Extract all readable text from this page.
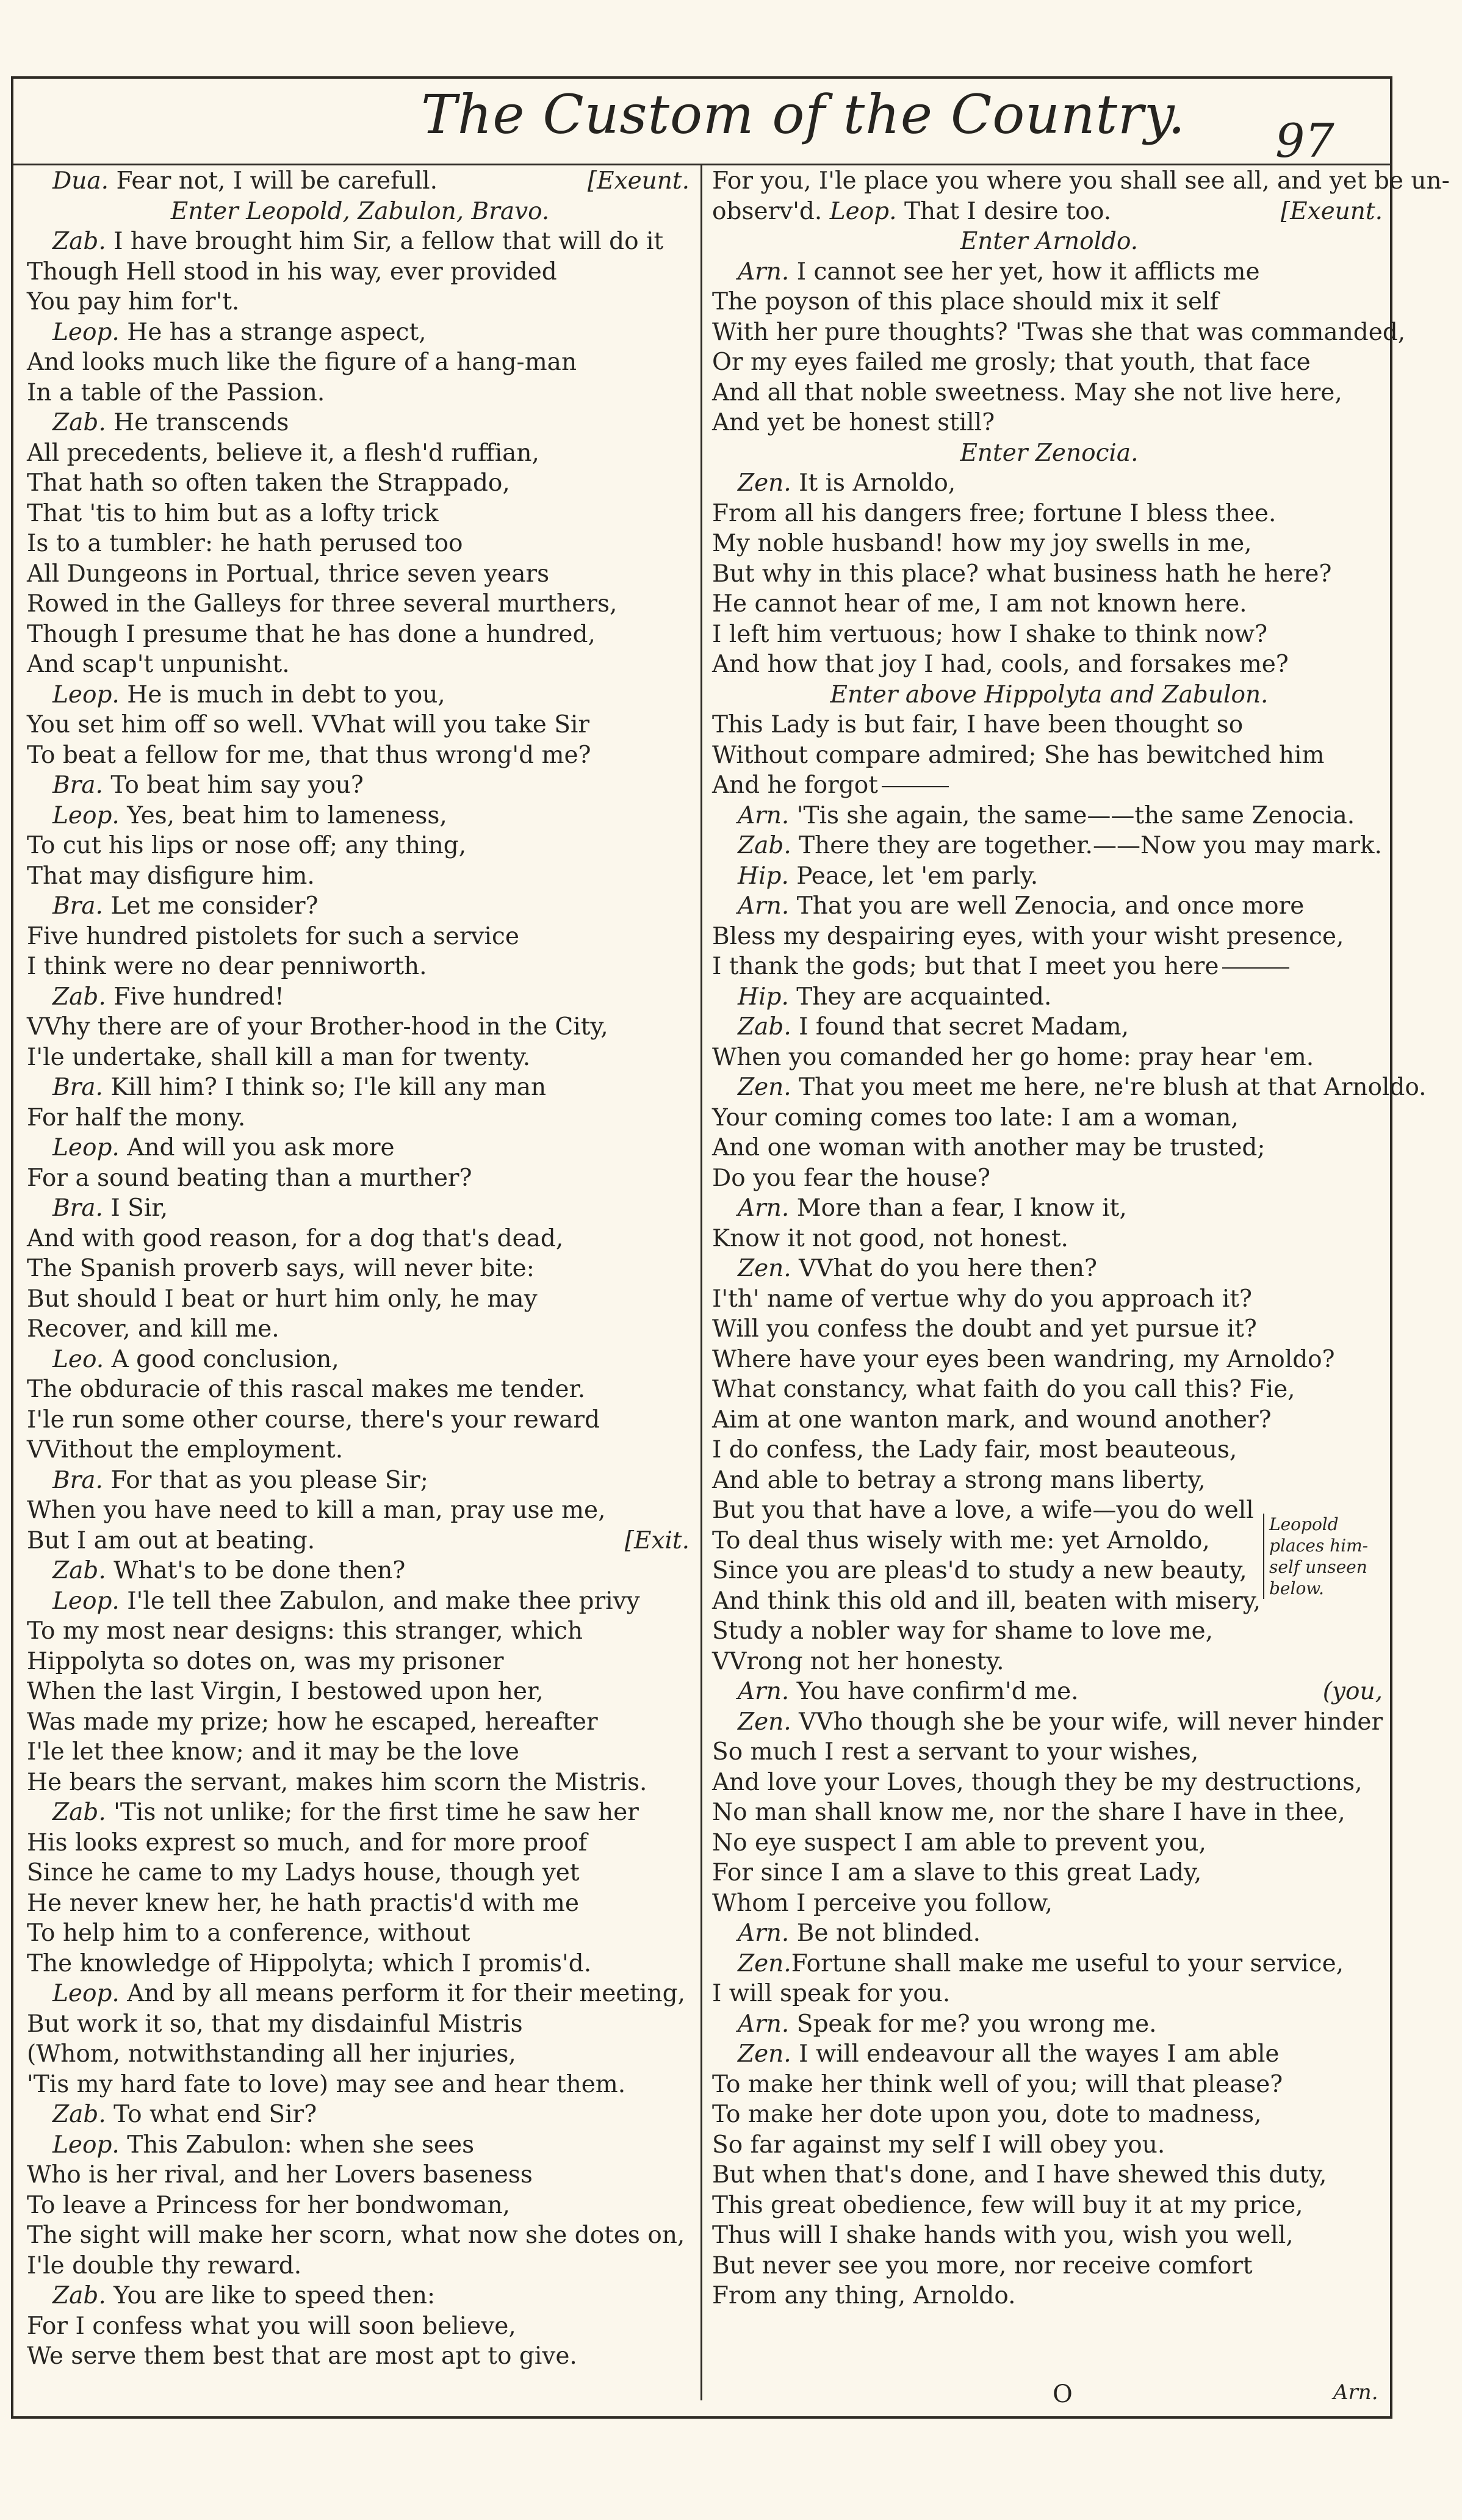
The Custom of the Country. 97
Dua. Fear not, I will be carefull.	[Exeunt.
Enter Leopold, Zabulon, Bravo.
Zab. I have brought him Sir, a fellow that will do it
Though Hell stood in his way, ever provided
You pay him for't.
Leop. He has a strange aspect,
And looks much like the figure of a hang-man
In a table of the Passion.
Zab. He transcends
All precedents, believe it, a flesh'd ruffian,
That hath so often taken the Strappado,
That 'tis to him but as a lofty trick
Is to a tumbler: he hath perused too
All Dungeons in Portual, thrice seven years
Rowed in the Galleys for three several murthers,
Though I presume that he has done a hundred,
And scap't unpunisht.
Leop. He is much in debt to you,
You set him off so well. VVhat will you take Sir
To beat a fellow for me, that thus wrong'd me?
Bra. To beat him say you?
Leop. Yes, beat him to lameness,
To cut his lips or nose off; any thing,
That may disfigure him.
Bra. Let me consider?
Five hundred pistolets for such a service
I think were no dear penniworth.
Zab. Five hundred!
VVhy there are of your Brother-hood in the City,
I'le undertake, shall kill a man for twenty.
Bra. Kill him? I think so; I'le kill any man
For half the mony.
Leop. And will you ask more
For a sound beating than a murther?
Bra. I Sir,
And with good reason, for a dog that's dead,
The Spanish proverb says, will never bite:
But should I beat or hurt him only, he may
Recover, and kill me.
Leo. A good conclusion,
The obduracie of this rascal makes me tender.
I'le run some other course, there's your reward
VVithout the employment.
Bra. For that as you please Sir;
When you have need to kill a man, pray use me,
But I am out at beating.	[Exit.
Zab. What's to be done then?
Leop. I'le tell thee Zabulon, and make thee privy
To my most near designs: this stranger, which
Hippolyta so dotes on, was my prisoner
When the last Virgin, I bestowed upon her,
Was made my prize; how he escaped, hereafter
I'le let thee know; and it may be the love
He bears the servant, makes him scorn the Mistris.
Zab. 'Tis not unlike; for the first time he saw her
His looks exprest so much, and for more proof
Since he came to my Ladys house, though yet
He never knew her, he hath practis'd with me
To help him to a conference, without
The knowledge of Hippolyta; which I promis'd.
Leop. And by all means perform it for their meeting,
But work it so, that my disdainful Mistris
(Whom, notwithstanding all her injuries,
'Tis my hard fate to love) may see and hear them.
Zab. To what end Sir?
Leop. This Zabulon: when she sees
Who is her rival, and her Lovers baseness
To leave a Princess for her bondwoman,
The sight will make her scorn, what now she dotes on,
I'le double thy reward.
Zab. You are like to speed then:
For I confess what you will soon believe,
We serve them best that are most apt to give.
For you, I'le place you where you shall see all, and yet be un-
observ'd. Leop. That I desire too.	[Exeunt.
Enter Arnoldo.
Arn. I cannot see her yet, how it afflicts me
The poyson of this place should mix it self
With her pure thoughts? 'Twas she that was commanded,
Or my eyes failed me grosly; that youth, that face
And all that noble sweetness. May she not live here,
And yet be honest still?
Enter Zenocia.
Zen. It is Arnoldo,
From all his dangers free; fortune I bless thee.
My noble husband! how my joy swells in me,
But why in this place? what business hath he here?
He cannot hear of me, I am not known here.
I left him vertuous; how I shake to think now?
And how that joy I had, cools, and forsakes me?
Enter above Hippolyta and Zabulon.
This Lady is but fair, I have been thought so
Without compare admired; She has bewitched him
And he forgot
Arn. 'Tis she again, the same——the same Zenocia.
Zab. There they are together.——Now you may mark.
Hip. Peace, let 'em parly.
Arn. That you are well Zenocia, and once more
Bless my despairing eyes, with your wisht presence,
I thank the gods; but that I meet you here
Hip. They are acquainted.
Zab. I found that secret Madam,
When you comanded her go home: pray hear 'em.
Zen. That you meet me here, ne're blush at that Arnoldo.
Your coming comes too late: I am a woman,
And one woman with another may be trusted;
Do you fear the house?
Arn. More than a fear, I know it,
Know it not good, not honest.
Zen. VVhat do you here then?
I'th' name of vertue why do you approach it?
Will you confess the doubt and yet pursue it?
Where have your eyes been wandring, my Arnoldo?
What constancy, what faith do you call this? Fie,
Aim at one wanton mark, and wound another?
I do confess, the Lady fair, most beauteous,
And able to betray a strong mans liberty,
But you that have a love, a wife—you do well
To deal thus wisely with me: yet Arnoldo,
Since you are pleas'd to study a new beauty,
And think this old and ill, beaten with misery,
Study a nobler way for shame to love me,
VVrong not her honesty.
Arn. You have confirm'd me.	(you,
Zen. VVho though she be your wife, will never hinder
So much I rest a servant to your wishes,
And love your Loves, though they be my destructions,
No man shall know me, nor the share I have in thee,
No eye suspect I am able to prevent you,
For since I am a slave to this great Lady,
Whom I perceive you follow,
Arn. Be not blinded.
Zen.Fortune shall make me useful to your service,
I will speak for you.
Arn. Speak for me? you wrong me.
Zen. I will endeavour all the wayes I am able
To make her think well of you; will that please?
To make her dote upon you, dote to madness,
So far against my self I will obey you.
But when that's done, and I have shewed this duty,
This great obedience, few will buy it at my price,
Thus will I shake hands with you, wish you well,
But never see you more, nor receive comfort
From any thing, Arnoldo.
Leopold
places him-
self unseen
below.
O	Arn.
